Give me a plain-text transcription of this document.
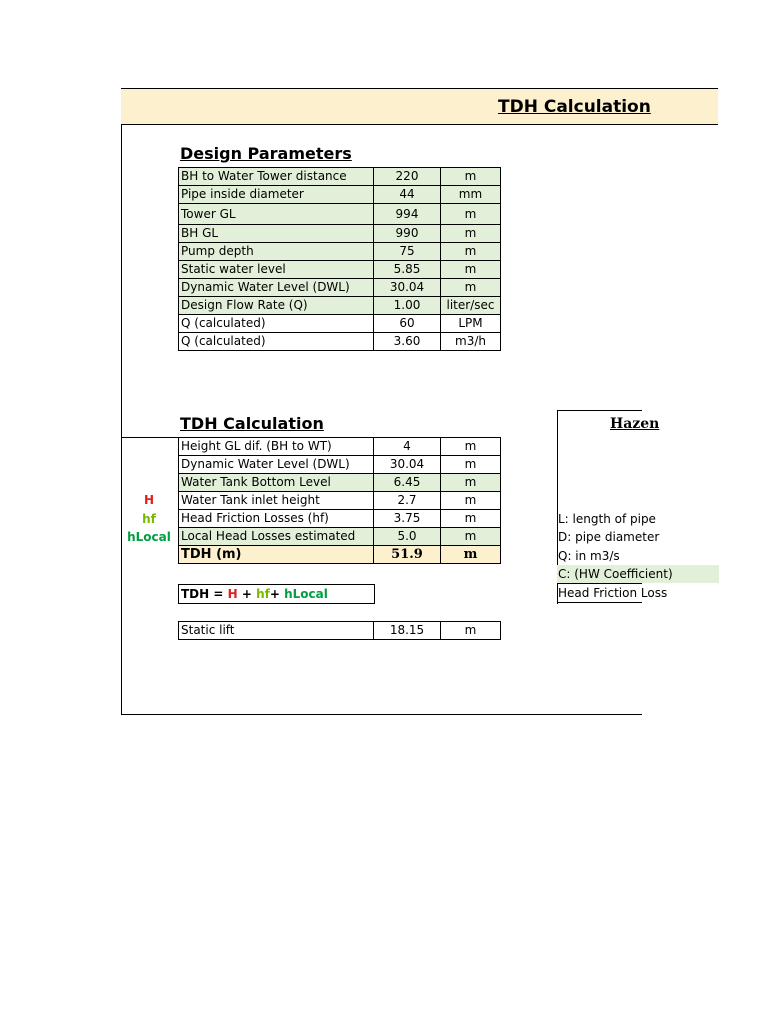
TDH Calculation
Design Parameters
BH to Water Tower distance	220	m
Pipe inside diameter	44	mm
Tower GL	994	m
BH GL	990	m
Pump depth	75	m
Static water level	5.85	m
Dynamic Water Level (DWL)	30.04	m
Design Flow Rate (Q)	1.00	liter/sec
Q (calculated)	60	LPM
Q (calculated)	3.60	m3/h
TDH Calculation
H
hf
hLocal
Height GL dif. (BH to WT)	4	m
Dynamic Water Level (DWL)	30.04	m
Water Tank Bottom Level	6.45	m
Water Tank inlet height	2.7	m
Head Friction Losses (hf)	3.75	m
Local Head Losses estimated	5.0	m
TDH (m)	51.9	m
TDH = H + hf+ hLocal
Static lift	18.15	m
Hazen
L: length of pipe
D: pipe diameter
Q: in m3/s
C: (HW Coefficient)
Head Friction Loss
